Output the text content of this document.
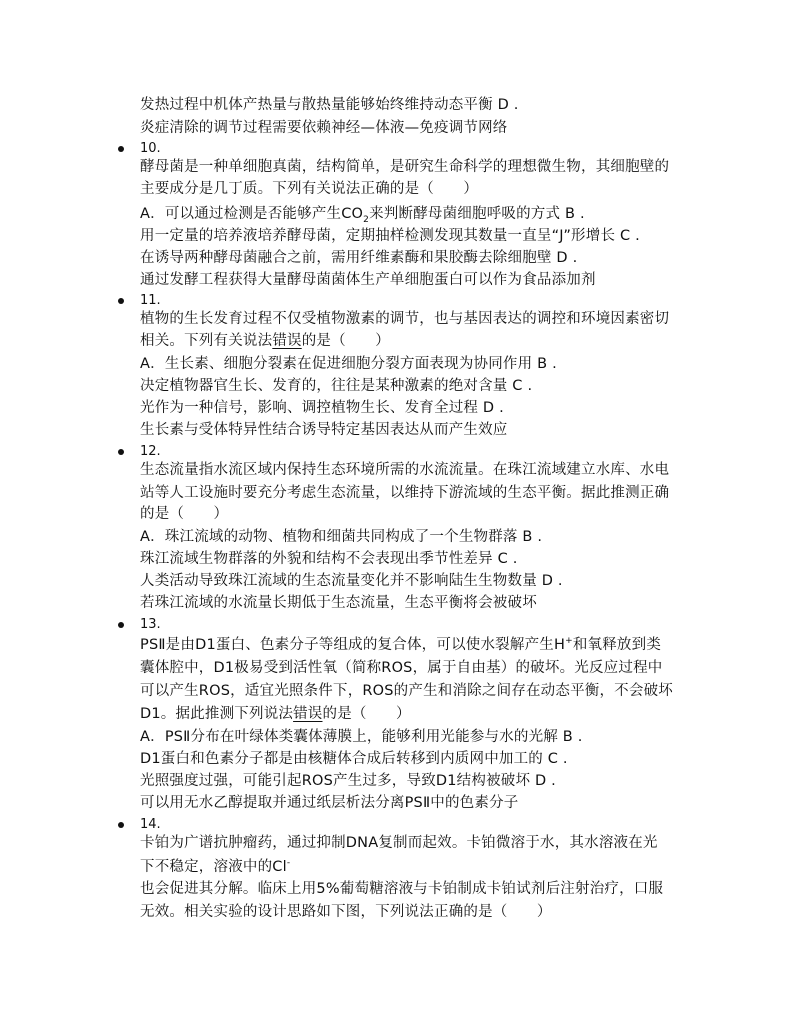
发热过程中机体产热量与散热量能够始终维持动态平衡 D .
炎症清除的调节过程需要依赖神经—体液—免疫调节网络
10.
酵母菌是一种单细胞真菌，结构简单，是研究生命科学的理想微生物，其细胞壁的
主要成分是几丁质。下列有关说法正确的是（　　）
A．可以通过检测是否能够产生$CO_2$来判断酵母菌细胞呼吸的方式 B .
用一定量的培养液培养酵母菌，定期抽样检测发现其数量一直呈“J”形增长 C .
在诱导两种酵母菌融合之前，需用纤维素酶和果胶酶去除细胞壁 D .
通过发酵工程获得大量酵母菌菌体生产单细胞蛋白可以作为食品添加剂
11.
植物的生长发育过程不仅受植物激素的调节，也与基因表达的调控和环境因素密切
相关。下列有关说法错误的是（　　）
A．生长素、细胞分裂素在促进细胞分裂方面表现为协同作用 B .
决定植物器官生长、发育的，往往是某种激素的绝对含量 C .
光作为一种信号，影响、调控植物生长、发育全过程 D .
生长素与受体特异性结合诱导特定基因表达从而产生效应
12.
生态流量指水流区域内保持生态环境所需的水流流量。在珠江流域建立水库、水电
站等人工设施时要充分考虑生态流量，以维持下游流域的生态平衡。据此推测正确
的是（　　）
A．珠江流域的动物、植物和细菌共同构成了一个生物群落 B .
珠江流域生物群落的外貌和结构不会表现出季节性差异 C .
人类活动导致珠江流域的生态流量变化并不影响陆生生物数量 D .
若珠江流域的水流量长期低于生态流量，生态平衡将会被破坏
13.
PSⅡ是由D1蛋白、色素分子等组成的复合体，可以使水裂解产生H+和氧释放到类
囊体腔中，D1极易受到活性氧（简称ROS，属于自由基）的破坏。光反应过程中
可以产生ROS，适宜光照条件下，ROS的产生和消除之间存在动态平衡，不会破坏
D1。据此推测下列说法错误的是（　　）
A．PSⅡ分布在叶绿体类囊体薄膜上，能够利用光能参与水的光解 B .
D1蛋白和色素分子都是由核糖体合成后转移到内质网中加工的 C .
光照强度过强，可能引起ROS产生过多，导致D1结构被破坏 D .
可以用无水乙醇提取并通过纸层析法分离PSⅡ中的色素分子
14.
卡铂为广谱抗肿瘤药，通过抑制DNA复制而起效。卡铂微溶于水，其水溶液在光
下不稳定，溶液中的Cl-
也会促进其分解。临床上用5%葡萄糖溶液与卡铂制成卡铂试剂后注射治疗，口服
无效。相关实验的设计思路如下图，下列说法正确的是（　　）
